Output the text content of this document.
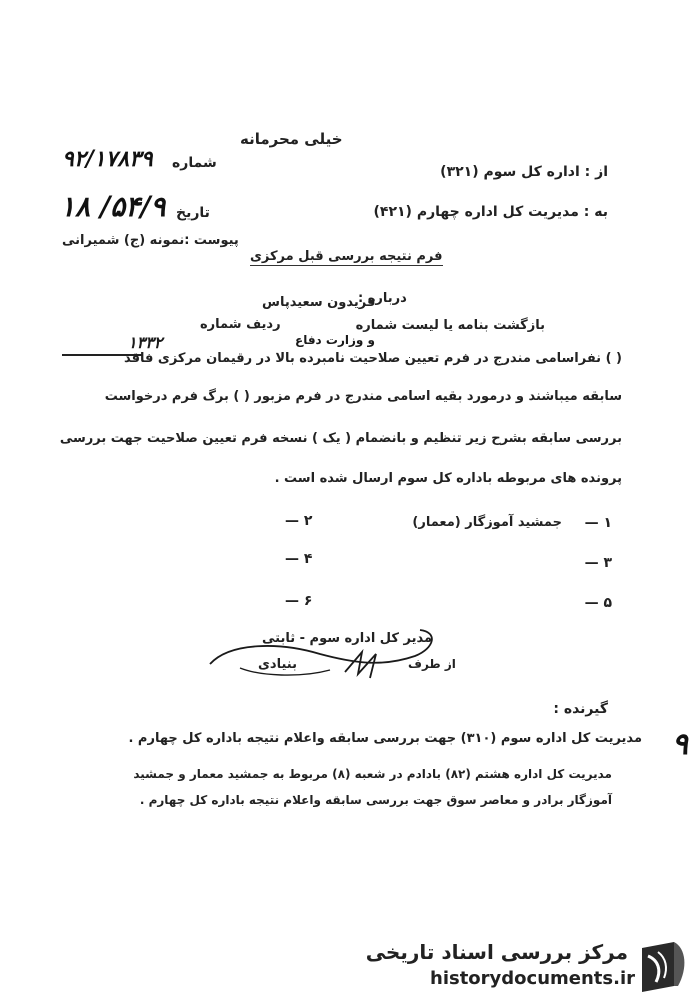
خیلی محرمانه
شماره
۹۲/۱۷۸۳۹
تاریخ
۵۴/۹/ ۱۸
پیوست :نمونه (ج) شمیرانی
از : اداره کل سوم (۳۲۱)
به : مدیریت کل اداره چهارم (۴۲۱)
فرم نتیجه بررسی قبل مرکزی
درباره :
فریدون سعیدپاس
بازگشت بنامه یا لیست شماره
ردیف شماره
و وزارت دفاع
۱۳۳۲
( ) نفراسامی مندرج در فرم تعیین صلاحیت نامبرده بالا در رقیمان مرکزی فاقد
سابقه میباشند و درمورد بقیه اسامی مندرج در فرم مزبور ( ) برگ فرم درخواست
بررسی سابقه بشرح زیر تنظیم و بانضمام ( یک ) نسخه فرم تعیین صلاحیت جهت بررسی
پرونده های مربوطه باداره کل سوم ارسال شده است .
۱ —
جمشید آموزگار (معمار)
۳ —
۵ —
۲ —
۴ —
۶ —
مدیر کل اداره سوم - ثابتی
از طرف
بنیادی
گیرنده :
۹
مدیریت کل اداره سوم (۳۱۰) جهت بررسی سابقه واعلام نتیجه باداره کل چهارم .
مدیریت کل اداره هشتم (۸۲) بادادم در شعبه (۸) مربوط به جمشید معمار و جمشید
آموزگار برادر و معاصر سوق جهت بررسی سابقه واعلام نتیجه باداره کل چهارم .
مرکز بررسی اسناد تاریخی
historydocuments.ir
